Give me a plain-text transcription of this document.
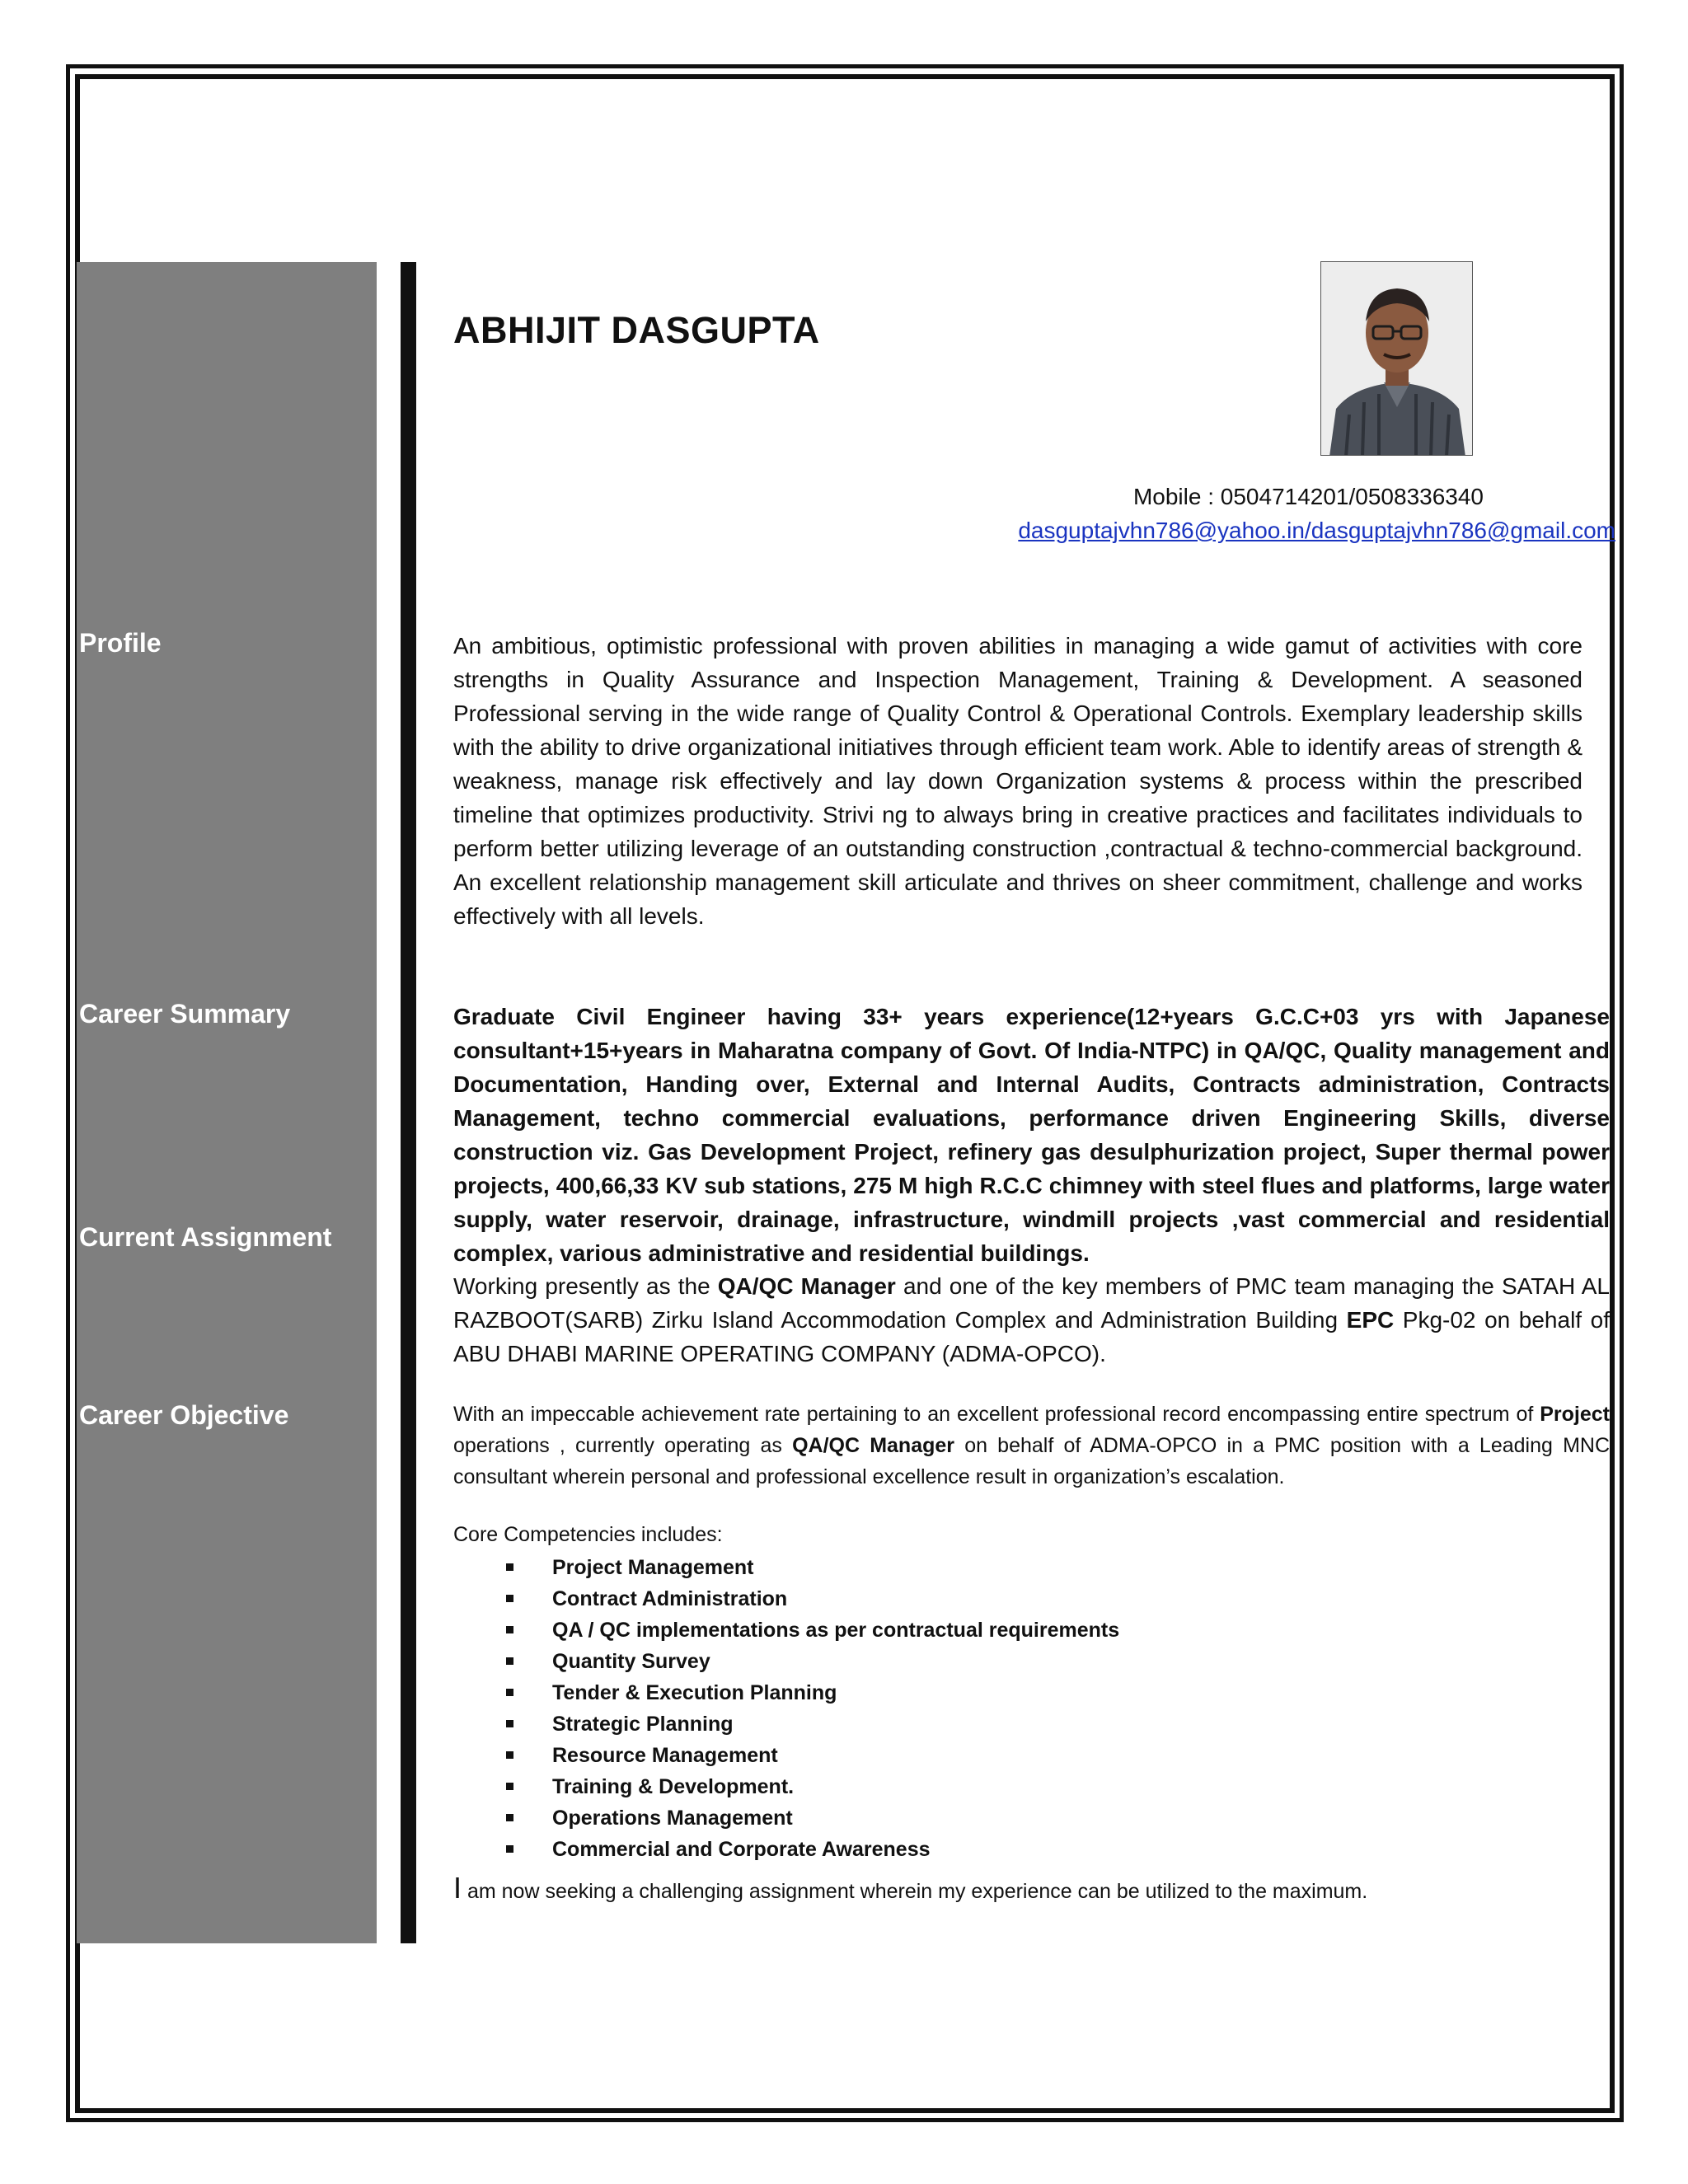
Profile

Career Summary

Current Assignment

Career Objective

ABHIJIT DASGUPTA
Mobile : 0504714201/0508336340
dasguptajvhn786@yahoo.in/dasguptajvhn786@gmail.com

An ambitious, optimistic professional with proven abilities in managing a wide gamut of activities with core strengths in Quality Assurance and Inspection Management, Training & Development. A seasoned Professional serving in the wide range of Quality Control & Operational Controls. Exemplary leadership skills with the ability to drive organizational initiatives through efficient team work. Able to identify areas of strength & weakness, manage risk effectively and lay down Organization systems & process within the prescribed timeline that optimizes productivity. Strivi ng to always bring in creative practices and facilitates individuals to perform better utilizing leverage of an outstanding construction ,contractual & techno-commercial background. An excellent relationship management skill articulate and thrives on sheer commitment, challenge and works effectively with all levels.

Graduate Civil Engineer having 33+ years experience(12+years G.C.C+03 yrs with Japanese consultant+15+years in Maharatna company of Govt. Of India-NTPC) in QA/QC, Quality management and Documentation, Handing over, External and Internal Audits, Contracts administration, Contracts Management, techno commercial evaluations, performance driven Engineering Skills, diverse construction viz. Gas Development Project, refinery gas desulphurization project, Super thermal power projects, 400,66,33 KV sub stations, 275 M high R.C.C chimney with steel flues and platforms, large water supply, water reservoir, drainage, infrastructure, windmill projects ,vast commercial and residential complex, various administrative and residential buildings.

Working presently as the QA/QC Manager and one of the key members of PMC team managing the SATAH AL RAZBOOT(SARB) Zirku Island Accommodation Complex and Administration Building EPC Pkg-02 on behalf of ABU DHABI MARINE OPERATING COMPANY (ADMA-OPCO).

With an impeccable achievement rate pertaining to an excellent professional record encompassing entire spectrum of Project operations , currently operating as QA/QC Manager on behalf of ADMA-OPCO in a PMC position with a Leading MNC consultant wherein personal and professional excellence result in organization’s escalation.

Core Competencies includes:

Project Management
Contract Administration
QA / QC implementations as per contractual requirements
Quantity Survey
Tender & Execution Planning
Strategic Planning
Resource Management
Training & Development.
Operations Management
Commercial and Corporate Awareness

I am now seeking a challenging assignment wherein my experience can be utilized to the maximum.
